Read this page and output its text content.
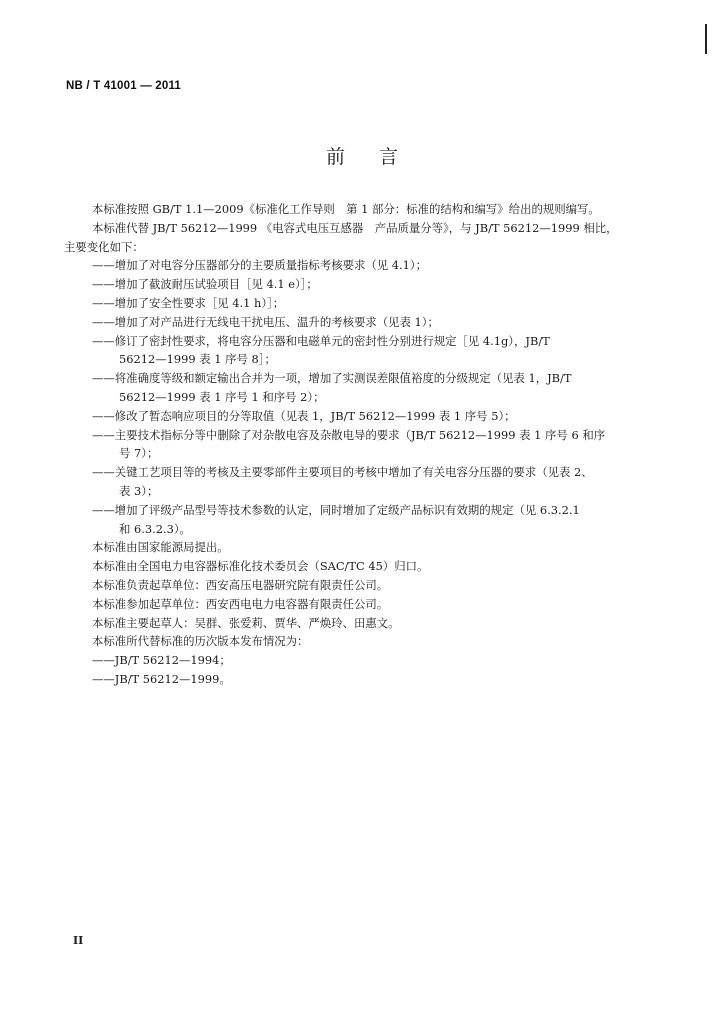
NB / T 41001 — 2011
前言
本标准按照 GB/T 1.1—2009《标准化工作导则　第 1 部分：标准的结构和编写》给出的规则编写。
本标准代替 JB/T 56212—1999 《电容式电压互感器　产品质量分等》，与 JB/T 56212—1999 相比，
主要变化如下：
——增加了对电容分压器部分的主要质量指标考核要求（见 4.1）；
——增加了截波耐压试验项目［见 4.1 e）］；
——增加了安全性要求［见 4.1 h）］；
——增加了对产品进行无线电干扰电压、温升的考核要求（见表 1）；
——修订了密封性要求，将电容分压器和电磁单元的密封性分别进行规定［见 4.1g），JB/T
56212—1999 表 1 序号 8］；
——将准确度等级和额定输出合并为一项，增加了实测误差限值裕度的分级规定（见表 1，JB/T
56212—1999 表 1 序号 1 和序号 2）；
——修改了暂态响应项目的分等取值（见表 1，JB/T 56212—1999 表 1 序号 5）；
——主要技术指标分等中删除了对杂散电容及杂散电导的要求（JB/T 56212—1999 表 1 序号 6 和序
号 7）；
——关键工艺项目等的考核及主要零部件主要项目的考核中增加了有关电容分压器的要求（见表 2、
表 3）；
——增加了评级产品型号等技术参数的认定，同时增加了定级产品标识有效期的规定（见 6.3.2.1
和 6.3.2.3）。
本标准由国家能源局提出。
本标准由全国电力电容器标准化技术委员会（SAC/TC 45）归口。
本标准负责起草单位：西安高压电器研究院有限责任公司。
本标准参加起草单位：西安西电电力电容器有限责任公司。
本标准主要起草人：吴群、张爱莉、贾华、严焕玲、田惠文。
本标准所代替标准的历次版本发布情况为：
——JB/T 56212—1994；
——JB/T 56212—1999。
II
